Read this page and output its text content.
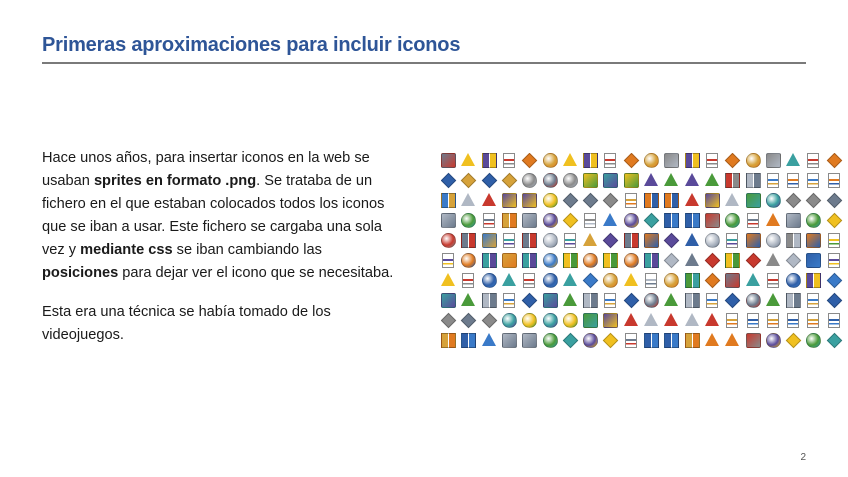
Primeras aproximaciones para incluir iconos

Hace unos años, para insertar iconos en la web se usaban sprites en formato .png. Se trataba de un fichero en el que estaban colocados todos los iconos que se iban a usar. Este fichero se cargaba una sola vez y mediante css se iban cambiando las posiciones para dejar ver el icono que se necesitaba.

Esta era una técnica se había tomado de los videojuegos.

2
